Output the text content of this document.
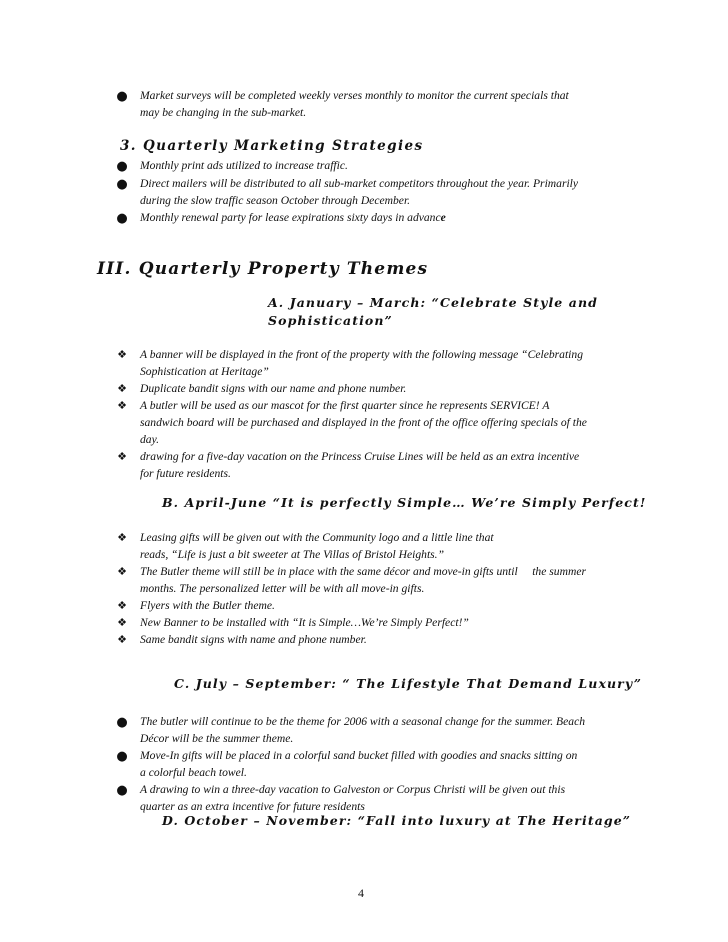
● Market surveys will be completed weekly verses monthly to monitor the current specials that
may be changing in the sub-market.
3. Quarterly Marketing Strategies
● Monthly print ads utilized to increase traffic.
● Direct mailers will be distributed to all sub-market competitors throughout the year. Primarily
during the slow traffic season October through December.
● Monthly renewal party for lease expirations sixty days in advance
III. Quarterly Property Themes
A. January – March: “Celebrate Style and
Sophistication”
❖ A banner will be displayed in the front of the property with the following message “Celebrating
Sophistication at Heritage”
❖ Duplicate bandit signs with our name and phone number.
❖ A butler will be used as our mascot for the first quarter since he represents SERVICE! A
sandwich board will be purchased and displayed in the front of the office offering specials of the
day.
❖ drawing for a five-day vacation on the Princess Cruise Lines will be held as an extra incentive
for future residents.
B. April-June “It is perfectly Simple… We’re Simply Perfect!
❖ Leasing gifts will be given out with the Community logo and a little line that
reads, “Life is just a bit sweeter at The Villas of Bristol Heights.”
❖ The Butler theme will still be in place with the same décor and move-in gifts until     the summer
months. The personalized letter will be with all move-in gifts.
❖ Flyers with the Butler theme.
❖ New Banner to be installed with “It is Simple…We’re Simply Perfect!”
❖ Same bandit signs with name and phone number.
C. July – September: “ The Lifestyle That Demand Luxury”
● The butler will continue to be the theme for 2006 with a seasonal change for the summer. Beach
Décor will be the summer theme.
● Move-In gifts will be placed in a colorful sand bucket filled with goodies and snacks sitting on
a colorful beach towel.
● A drawing to win a three-day vacation to Galveston or Corpus Christi will be given out this
quarter as an extra incentive for future residents
D. October – November: “Fall into luxury at The Heritage”
4
